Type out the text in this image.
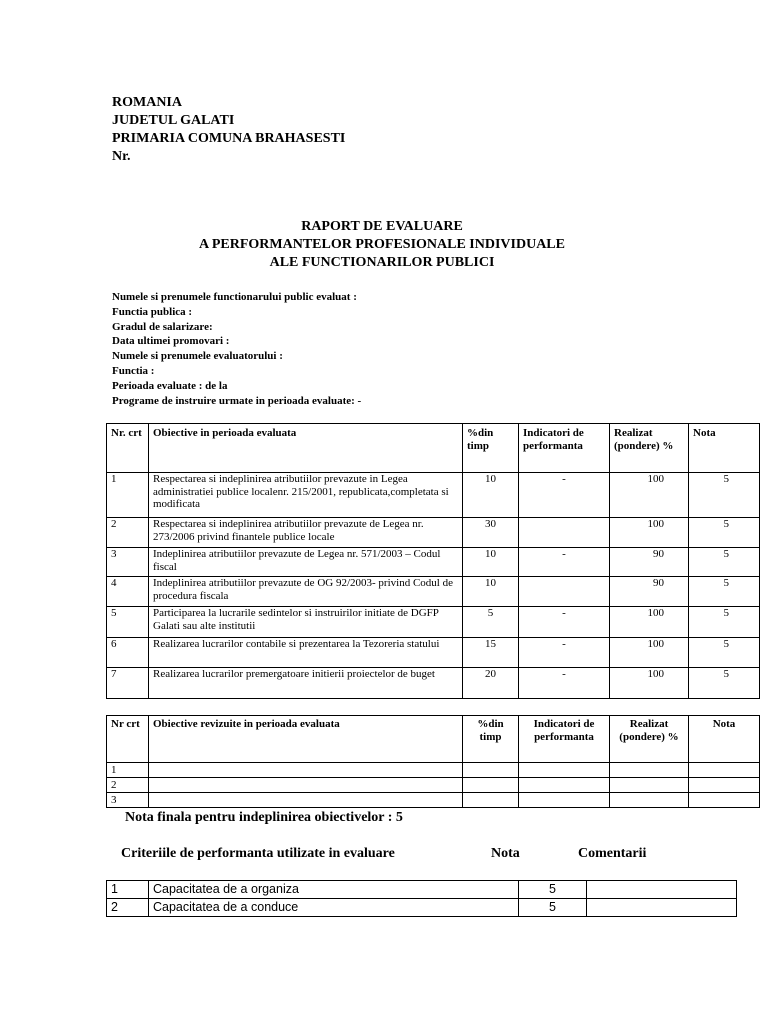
ROMANIA
JUDETUL GALATI
PRIMARIA COMUNA BRAHASESTI
Nr.
RAPORT DE EVALUARE
A PERFORMANTELOR PROFESIONALE INDIVIDUALE
ALE FUNCTIONARILOR PUBLICI
Numele si prenumele functionarului public evaluat :
Functia publica :
Gradul de salarizare:
Data ultimei promovari :
Numele si prenumele evaluatorului :
Functia :
Perioada evaluate : de la
Programe de instruire urmate in perioada evaluate: -
Nr. crt	Obiective in perioada evaluata	%din timp	Indicatori de performanta	Realizat (pondere) %	Nota
1	Respectarea si indeplinirea atributiilor prevazute in Legea administratiei publice localenr. 215/2001, republicata,completata si modificata	10	-	100	5
2	Respectarea si indeplinirea atributiilor prevazute de Legea nr. 273/2006 privind finantele publice locale	30		100	5
3	Indeplinirea atributiilor prevazute de Legea nr. 571/2003 – Codul fiscal	10	-	90	5
4	Indeplinirea atributiilor prevazute de OG 92/2003- privind Codul de procedura fiscala	10		90	5
5	Participarea la lucrarile sedintelor si instruirilor initiate de DGFP Galati sau alte institutii	5	-	100	5
6	Realizarea lucrarilor contabile si prezentarea la Tezoreria statului	15	-	100	5
7	Realizarea lucrarilor premergatoare initierii proiectelor de buget	20	-	100	5
Nr crt	Obiective revizuite in perioada evaluata	%din timp	Indicatori de performanta	Realizat (pondere) %	Nota
1					
2					
3					
Nota finala pentru indeplinirea obiectivelor : 5
Criteriile de performanta utilizate in evaluare	Nota	Comentarii
1	Capacitatea de a organiza	5	
2	Capacitatea de a conduce	5	
